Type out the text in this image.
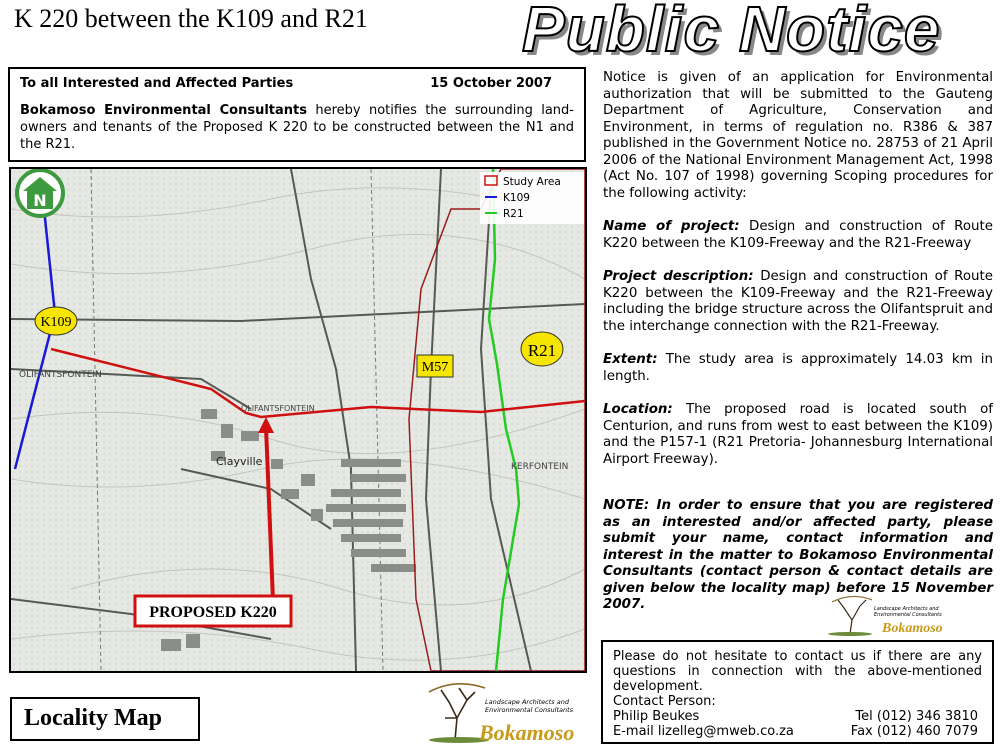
K 220 between the K109 and R21 Public Notice
To all Interested and Affected Parties	15 October 2007
Bokamoso Environmental Consultants hereby notifies the surrounding land-owners and tenants of the Proposed K 220 to be constructed between the N1 and the R21.
Clayville
OLIFANTSFONTEIN
OLIFANTSFONTEIN
KERFONTEIN
N
K109
M57
R21
Study Area
K109
R21
PROPOSED K220
Locality Map
Landscape Architects and
Environmental Consultants
Bokamoso
Landscape Architects and
Environmental Consultants
Bokamoso

Notice is given of an application for Environmental authorization that will be submitted to the Gauteng Department of Agriculture, Conservation and Environment, in terms of regulation no. R386 & 387 published in the Government Notice no. 28753 of 21 April 2006 of the National Environment Management Act, 1998 (Act No. 107 of 1998) governing Scoping procedures for the following activity:

Name of project: Design and construction of Route K220 between the K109-Freeway and the R21-Freeway

Project description: Design and construction of Route K220 between the K109-Freeway and the R21-Freeway including the bridge structure across the Olifantspruit and the interchange connection with the R21-Freeway.

Extent: The study area is approximately 14.03 km in length.

Location: The proposed road is located south of Centurion, and runs from west to east between the K109) and the P157-1 (R21 Pretoria- Johannesburg International Airport Freeway).

NOTE: In order to ensure that you are registered as an interested and/or affected party, please submit your name, contact information and interest in the matter to Bokamoso Environmental Consultants (contact person & contact details are given below the locality map) before 15 November 2007.

Please do not hesitate to contact us if there are any questions in connection with the above-mentioned development.
Contact Person:
Philip Beukes	Tel (012) 346 3810
E-mail lizelleg@mweb.co.za	Fax (012) 460 7079
